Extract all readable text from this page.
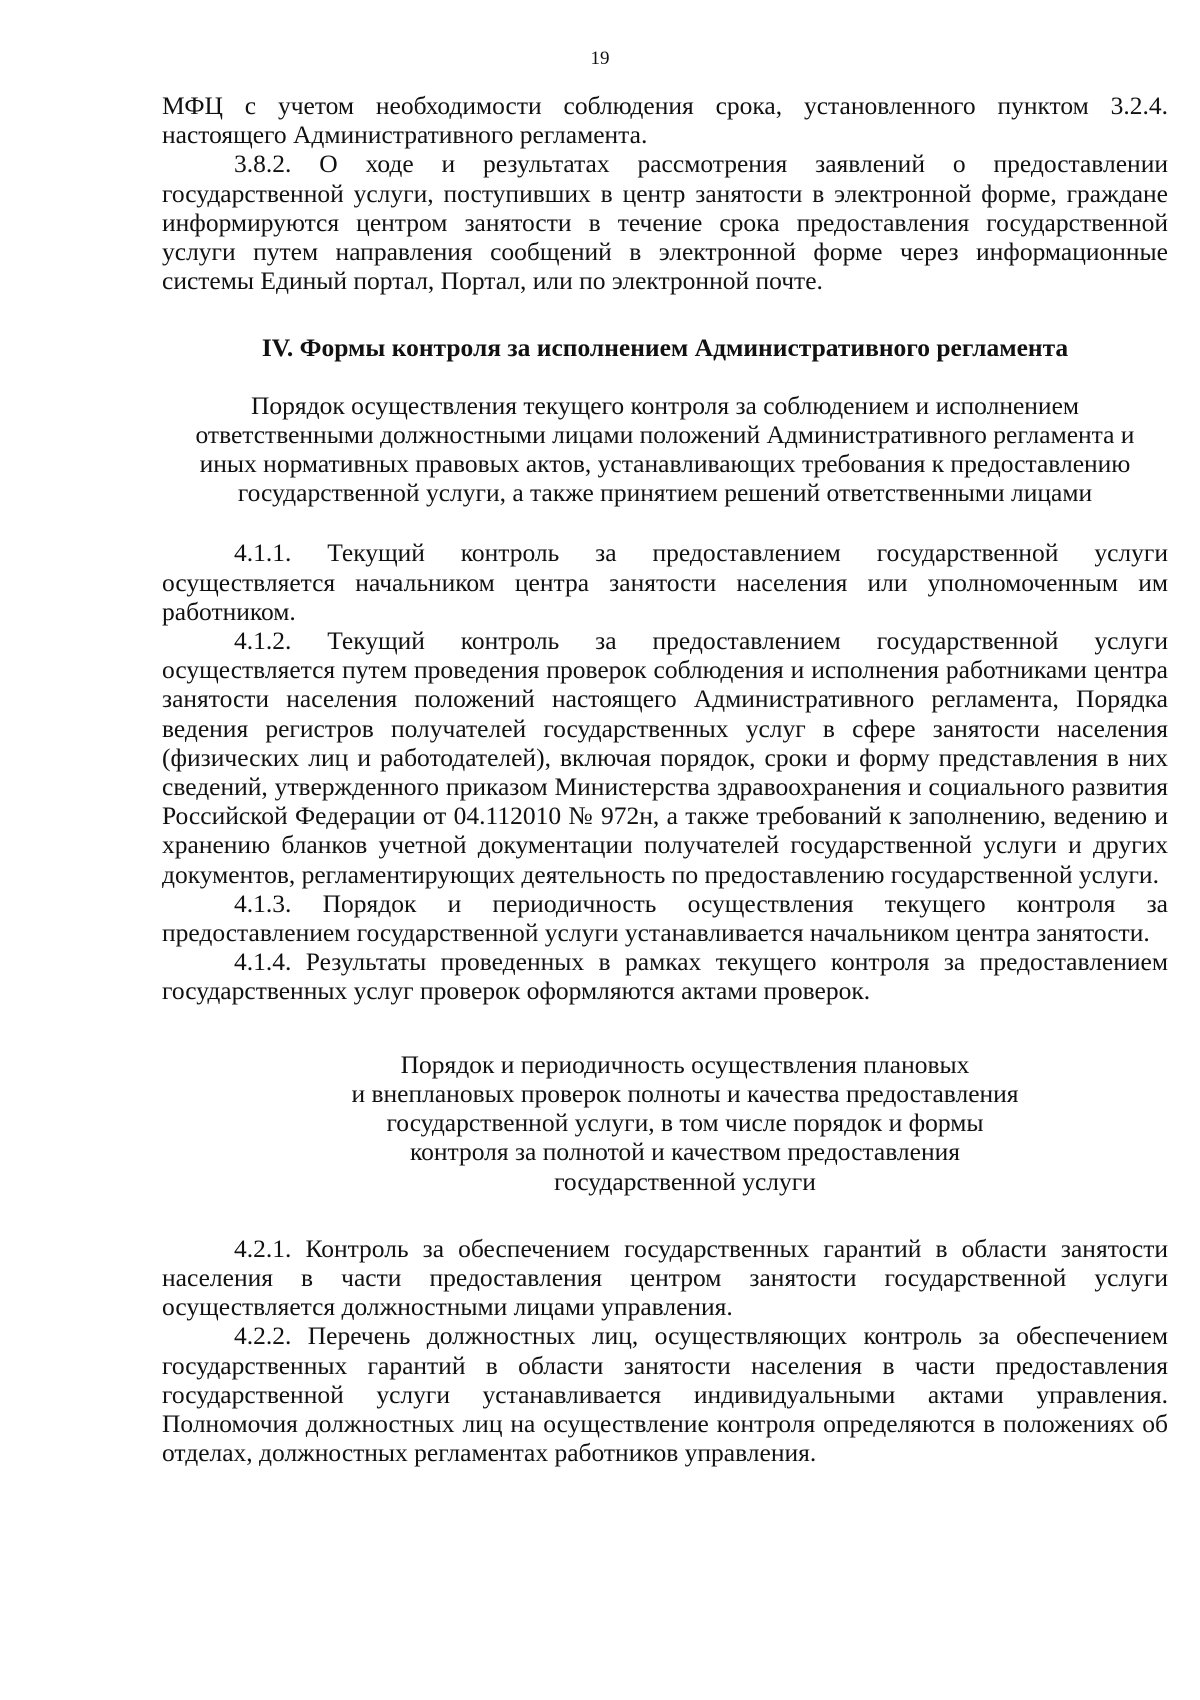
19

МФЦ с учетом необходимости соблюдения срока, установленного пунктом 3.2.4. настоящего Административного регламента.

3.8.2. О ходе и результатах рассмотрения заявлений о предоставлении государственной услуги, поступивших в центр занятости в электронной форме, граждане информируются центром занятости в течение срока предоставления государственной услуги путем направления сообщений в электронной форме через информационные системы Единый портал, Портал, или по электронной почте.

IV. Формы контроля за исполнением Административного регламента

Порядок осуществления текущего контроля за соблюдением и исполнением
ответственными должностными лицами положений Административного регламента и
иных нормативных правовых актов, устанавливающих требования к предоставлению
государственной услуги, а также принятием решений ответственными лицами

4.1.1. Текущий контроль за предоставлением государственной услуги осуществляется начальником центра занятости населения или уполномоченным им работником.

4.1.2. Текущий контроль за предоставлением государственной услуги осуществляется путем проведения проверок соблюдения и исполнения работниками центра занятости населения положений настоящего Административного регламента, Порядка ведения регистров получателей государственных услуг в сфере занятости населения (физических лиц и работодателей), включая порядок, сроки и форму представления в них сведений, утвержденного приказом Министерства здравоохранения и социального развития Российской Федерации от 04.112010 № 972н, а также требований к заполнению, ведению и хранению бланков учетной документации получателей государственной услуги и других документов, регламентирующих деятельность по предоставлению государственной услуги.

4.1.3. Порядок и периодичность осуществления текущего контроля за предоставлением государственной услуги устанавливается начальником центра занятости.

4.1.4. Результаты проведенных в рамках текущего контроля за предоставлением государственных услуг проверок оформляются актами проверок.

Порядок и периодичность осуществления плановых
и внеплановых проверок полноты и качества предоставления
государственной услуги, в том числе порядок и формы
контроля за полнотой и качеством предоставления
государственной услуги

4.2.1. Контроль за обеспечением государственных гарантий в области занятости населения в части предоставления центром занятости государственной услуги осуществляется должностными лицами управления.

4.2.2. Перечень должностных лиц, осуществляющих контроль за обеспечением государственных гарантий в области занятости населения в части предоставления государственной услуги устанавливается индивидуальными актами управления. Полномочия должностных лиц на осуществление контроля определяются в положениях об отделах, должностных регламентах работников управления.
